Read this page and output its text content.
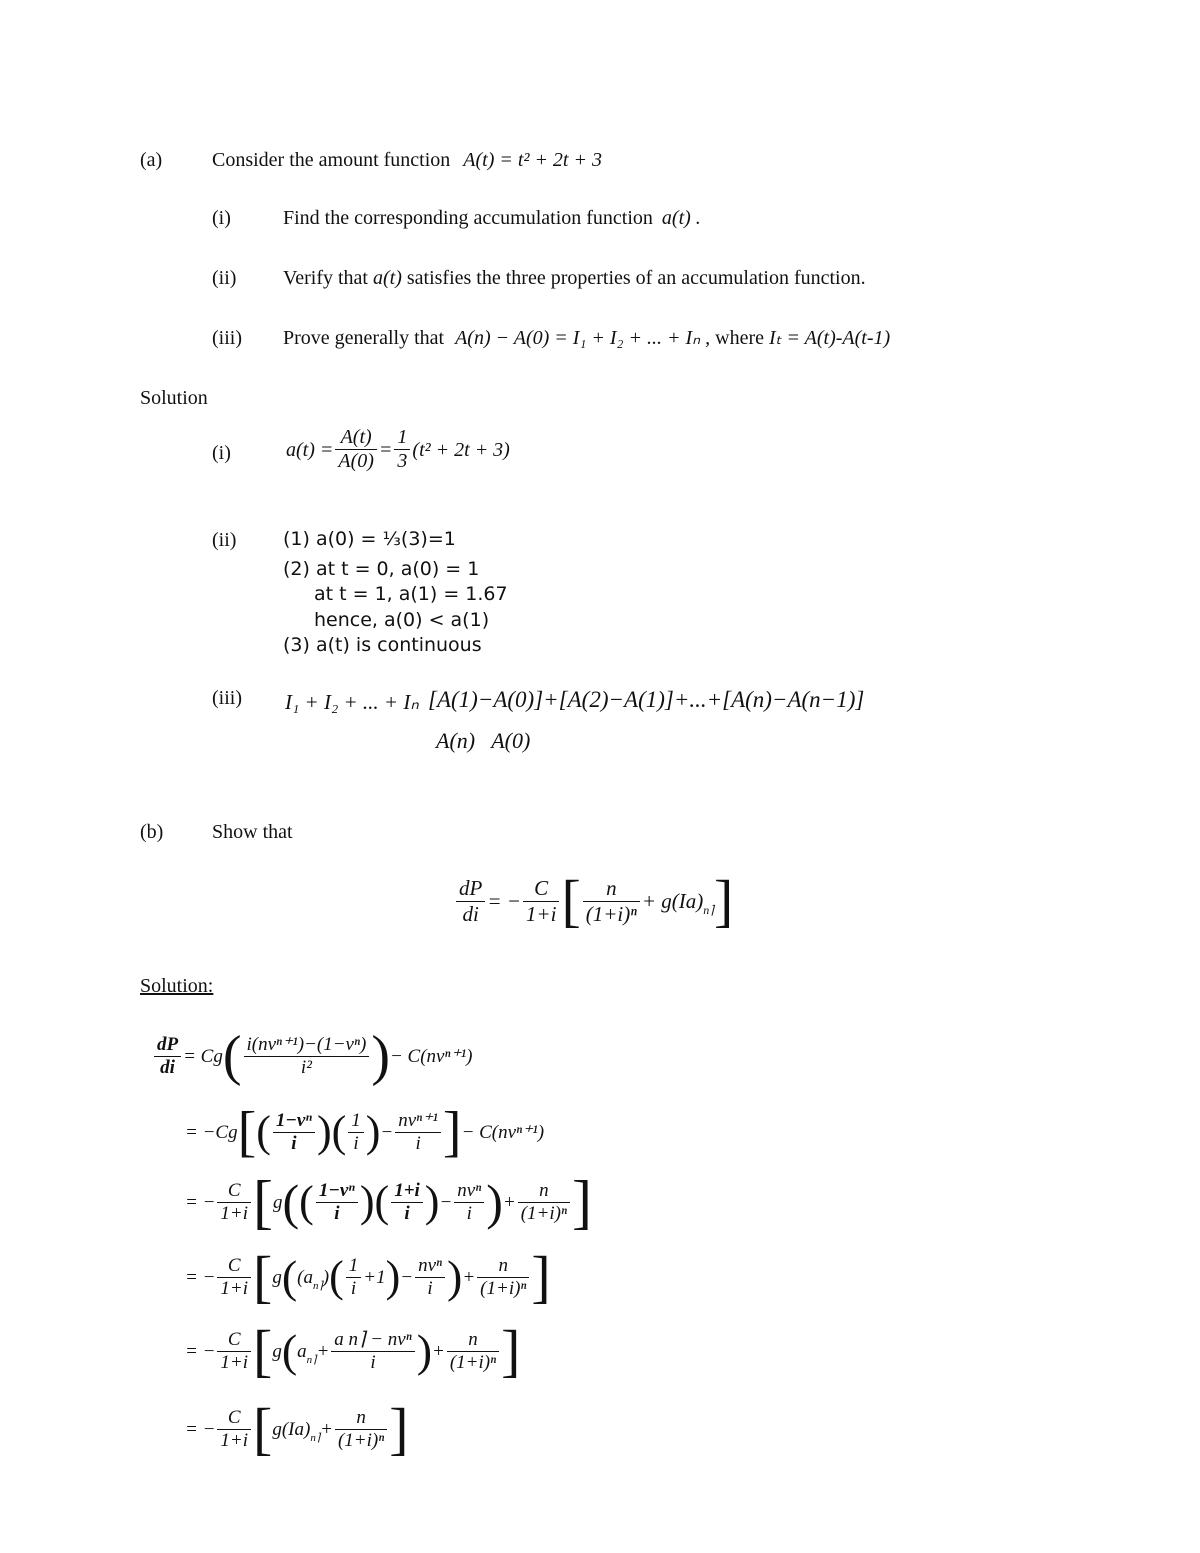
(a) Consider the amount function A(t) = t² + 2t + 3
(i)	Find the corresponding accumulation function a(t) .
(ii) Verify that a(t) satisfies the three properties of an accumulation function.
(iii) Prove generally that A(n) − A(0) = I₁ + I₂ + ... + Iₙ , where Iₜ = A(t)-A(t-1)
Solution
(i)	$a(t) = \frac{A(t)}{A(0)} = \frac{1}{3} (t^2 + 2t + 3)$
(ii) (1) a(0) = ⅓(3)=1
(2) at t = 0, a(0) = 1
at t = 1, a(1) = 1.67
hence, a(0) < a(1)
(3) a(t) is continuous
(iii) I₁ + I₂ + ... + Iₙ [A(1)−A(0)]+[A(2)−A(1)]+...+[A(n)−A(n−1)]
A(n)   A(0)
(b) Show that
$\frac{dP}{di}$ = − $\frac{C}{1+i}$ [ $\frac{n}{\text{(1+i)ⁿ}} + g(Ia)$ n⌉ ]
Solution:
$\frac{dP}{di} = Cg$ ( $\frac{\text{i(nvⁿ⁺¹)−(1−vⁿ)}}{\text{i²}}$ ) − C(nvⁿ⁺¹)
= −Cg [ ( $\frac{\text{1−vⁿ}}{i}$ ) ( $\frac{1}{i}$ ) − $\frac{\text{nvⁿ⁺¹}}{i}$ ] − C(nvⁿ⁺¹)
= − $\frac{C}{1+i}$ [ g ( ( $\frac{\text{1−vⁿ}}{i}$ ) ( $\frac{1+i}{i}$ ) − $\frac{\text{nvⁿ}}{i}$ ) + $\frac{n}{\text{(1+i)ⁿ}}$ ]
= − $\frac{C}{1+i}$ [ g ( (a n⌉ ) ( $\frac{1}{i} +1$ ) − $\frac{\text{nvⁿ}}{i}$ ) + $\frac{n}{\text{(1+i)ⁿ}}$ ]
= − $\frac{C}{1+i}$ [ g ( a n⌉ + $\frac{\text{a n⌉ − nvⁿ}}{i}$ ) + $\frac{n}{\text{(1+i)ⁿ}}$ ]
= − $\frac{C}{1+i}$ [ g(Ia) n⌉ + $\frac{n}{\text{(1+i)ⁿ}}$ ]
